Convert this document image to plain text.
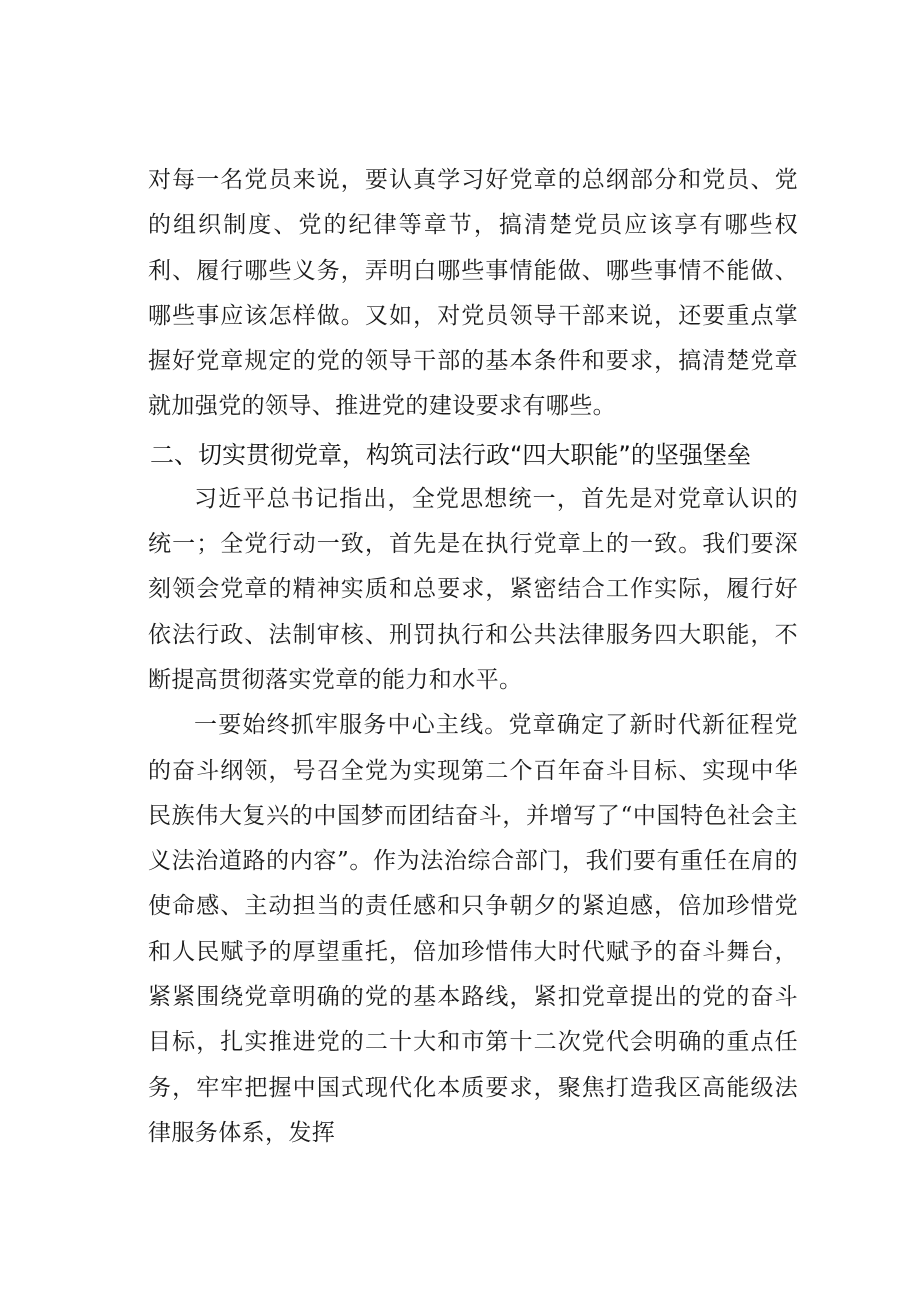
对每一名党员来说，要认真学习好党章的总纲部分和党员、党的组织制度、党的纪律等章节，搞清楚党员应该享有哪些权利、履行哪些义务，弄明白哪些事情能做、哪些事情不能做、哪些事应该怎样做。又如，对党员领导干部来说，还要重点掌握好党章规定的党的领导干部的基本条件和要求，搞清楚党章就加强党的领导、推进党的建设要求有哪些。

二、切实贯彻党章，构筑司法行政“四大职能”的坚强堡垒

习近平总书记指出，全党思想统一，首先是对党章认识的统一；全党行动一致，首先是在执行党章上的一致。我们要深刻领会党章的精神实质和总要求，紧密结合工作实际，履行好依法行政、法制审核、刑罚执行和公共法律服务四大职能，不断提高贯彻落实党章的能力和水平。

一要始终抓牢服务中心主线。党章确定了新时代新征程党的奋斗纲领，号召全党为实现第二个百年奋斗目标、实现中华民族伟大复兴的中国梦而团结奋斗，并增写了“中国特色社会主义法治道路的内容”。作为法治综合部门，我们要有重任在肩的使命感、主动担当的责任感和只争朝夕的紧迫感，倍加珍惜党和人民赋予的厚望重托，倍加珍惜伟大时代赋予的奋斗舞台，紧紧围绕党章明确的党的基本路线，紧扣党章提出的党的奋斗目标，扎实推进党的二十大和市第十二次党代会明确的重点任务，牢牢把握中国式现代化本质要求，聚焦打造我区高能级法律服务体系，发挥
